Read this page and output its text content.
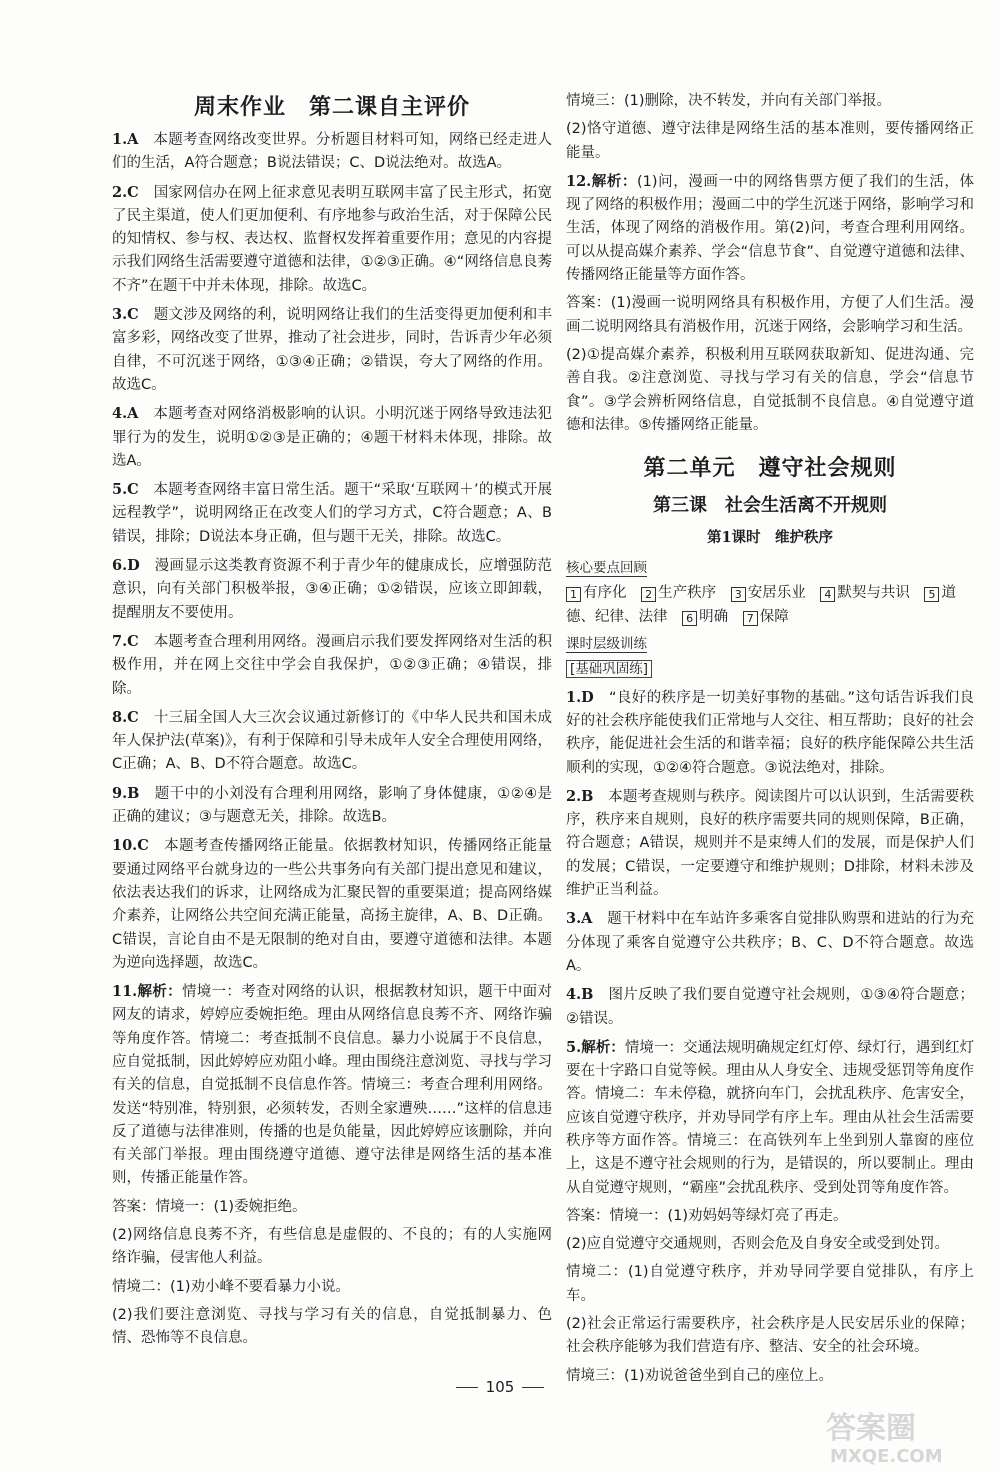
周末作业　第二课自主评价

1.A　本题考查网络改变世界。分析题目材料可知，网络已经走进人们的生活，A符合题意；B说法错误；C、D说法绝对。故选A。

2.C　国家网信办在网上征求意见表明互联网丰富了民主形式，拓宽了民主渠道，使人们更加便利、有序地参与政治生活，对于保障公民的知情权、参与权、表达权、监督权发挥着重要作用；意见的内容提示我们网络生活需要遵守道德和法律，①②③正确。④“网络信息良莠不齐”在题干中并未体现，排除。故选C。

3.C　题文涉及网络的利，说明网络让我们的生活变得更加便利和丰富多彩，网络改变了世界，推动了社会进步，同时，告诉青少年必须自律，不可沉迷于网络，①③④正确；②错误，夸大了网络的作用。故选C。

4.A　本题考查对网络消极影响的认识。小明沉迷于网络导致违法犯罪行为的发生，说明①②③是正确的；④题干材料未体现，排除。故选A。

5.C　本题考查网络丰富日常生活。题干“采取‘互联网＋’的模式开展远程教学”，说明网络正在改变人们的学习方式，C符合题意；A、B错误，排除；D说法本身正确，但与题干无关，排除。故选C。

6.D　漫画显示这类教育资源不利于青少年的健康成长，应增强防范意识，向有关部门积极举报，③④正确；①②错误，应该立即卸载，提醒朋友不要使用。

7.C　本题考查合理利用网络。漫画启示我们要发挥网络对生活的积极作用，并在网上交往中学会自我保护，①②③正确；④错误，排除。

8.C　十三届全国人大三次会议通过新修订的《中华人民共和国未成年人保护法(草案)》，有利于保障和引导未成年人安全合理使用网络，C正确；A、B、D不符合题意。故选C。

9.B　题干中的小刘没有合理利用网络，影响了身体健康，①②④是正确的建议；③与题意无关，排除。故选B。

10.C　本题考查传播网络正能量。依据教材知识，传播网络正能量要通过网络平台就身边的一些公共事务向有关部门提出意见和建议，依法表达我们的诉求，让网络成为汇聚民智的重要渠道；提高网络媒介素养，让网络公共空间充满正能量，高扬主旋律，A、B、D正确。C错误，言论自由不是无限制的绝对自由，要遵守道德和法律。本题为逆向选择题，故选C。

11.解析：情境一：考查对网络的认识，根据教材知识，题干中面对网友的请求，婷婷应委婉拒绝。理由从网络信息良莠不齐、网络诈骗等角度作答。情境二：考查抵制不良信息。暴力小说属于不良信息，应自觉抵制，因此婷婷应劝阻小峰。理由围绕注意浏览、寻找与学习有关的信息，自觉抵制不良信息作答。情境三：考查合理利用网络。发送“特别准，特别狠，必须转发，否则全家遭殃……”这样的信息违反了道德与法律准则，传播的也是负能量，因此婷婷应该删除，并向有关部门举报。理由围绕遵守道德、遵守法律是网络生活的基本准则，传播正能量作答。

答案：情境一：(1)委婉拒绝。

(2)网络信息良莠不齐，有些信息是虚假的、不良的；有的人实施网络诈骗，侵害他人利益。

情境二：(1)劝小峰不要看暴力小说。

(2)我们要注意浏览、寻找与学习有关的信息，自觉抵制暴力、色情、恐怖等不良信息。

情境三：(1)删除，决不转发，并向有关部门举报。

(2)恪守道德、遵守法律是网络生活的基本准则，要传播网络正能量。

12.解析：(1)问，漫画一中的网络售票方便了我们的生活，体现了网络的积极作用；漫画二中的学生沉迷于网络，影响学习和生活，体现了网络的消极作用。第(2)问，考查合理利用网络。可以从提高媒介素养、学会“信息节食”、自觉遵守道德和法律、传播网络正能量等方面作答。

答案：(1)漫画一说明网络具有积极作用，方便了人们生活。漫画二说明网络具有消极作用，沉迷于网络，会影响学习和生活。

(2)①提高媒介素养，积极利用互联网获取新知、促进沟通、完善自我。②注意浏览、寻找与学习有关的信息，学会“信息节食”。③学会辨析网络信息，自觉抵制不良信息。④自觉遵守道德和法律。⑤传播网络正能量。

第二单元　遵守社会规则
第三课　社会生活离不开规则
第1课时　维护秩序
核心要点回顾
1 有序化 2 生产秩序 3 安居乐业 4 默契与共识 5 道德、纪律、法律 6 明确 7 保障
课时层级训练
[基础巩固练]

1.D　“良好的秩序是一切美好事物的基础。”这句话告诉我们良好的社会秩序能使我们正常地与人交往、相互帮助；良好的社会秩序，能促进社会生活的和谐幸福；良好的秩序能保障公共生活顺利的实现，①②④符合题意。③说法绝对，排除。

2.B　本题考查规则与秩序。阅读图片可以认识到，生活需要秩序，秩序来自规则，良好的秩序需要共同的规则保障，B正确，符合题意；A错误，规则并不是束缚人们的发展，而是保护人们的发展；C错误，一定要遵守和维护规则；D排除，材料未涉及维护正当利益。

3.A　题干材料中在车站许多乘客自觉排队购票和进站的行为充分体现了乘客自觉遵守公共秩序；B、C、D不符合题意。故选A。

4.B　图片反映了我们要自觉遵守社会规则，①③④符合题意；②错误。

5.解析：情境一：交通法规明确规定红灯停、绿灯行，遇到红灯要在十字路口自觉等候。理由从人身安全、违规受惩罚等角度作答。情境二：车未停稳，就挤向车门，会扰乱秩序、危害安全，应该自觉遵守秩序，并劝导同学有序上车。理由从社会生活需要秩序等方面作答。情境三：在高铁列车上坐到别人靠窗的座位上，这是不遵守社会规则的行为，是错误的，所以要制止。理由从自觉遵守规则，“霸座”会扰乱秩序、受到处罚等角度作答。

答案：情境一：(1)劝妈妈等绿灯亮了再走。

(2)应自觉遵守交通规则，否则会危及自身安全或受到处罚。

情境二：(1)自觉遵守秩序，并劝导同学要自觉排队，有序上车。

(2)社会正常运行需要秩序，社会秩序是人民安居乐业的保障；社会秩序能够为我们营造有序、整洁、安全的社会环境。

情境三：(1)劝说爸爸坐到自己的座位上。

105
答案圈
MXQE.COM
